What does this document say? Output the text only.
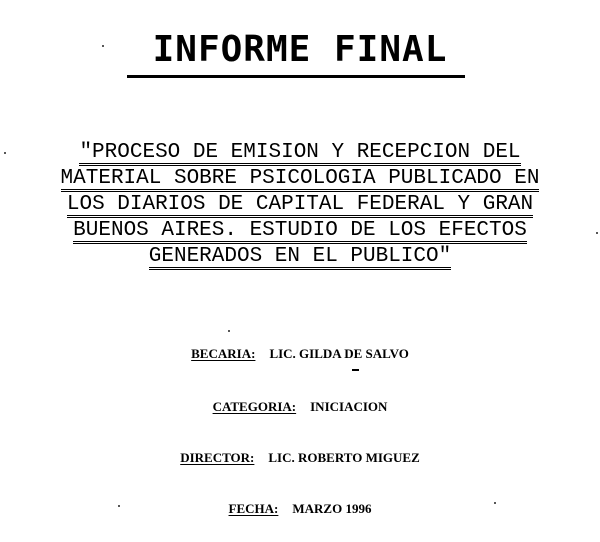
INFORME FINAL
"PROCESO DE EMISION Y RECEPCION DEL
MATERIAL SOBRE PSICOLOGIA PUBLICADO EN
LOS DIARIOS DE CAPITAL FEDERAL Y GRAN
BUENOS AIRES. ESTUDIO DE LOS EFECTOS
GENERADOS EN EL PUBLICO"
BECARIA: LIC. GILDA DE SALVO
CATEGORIA: INICIACION
DIRECTOR: LIC. ROBERTO MIGUEZ
FECHA: MARZO 1996
